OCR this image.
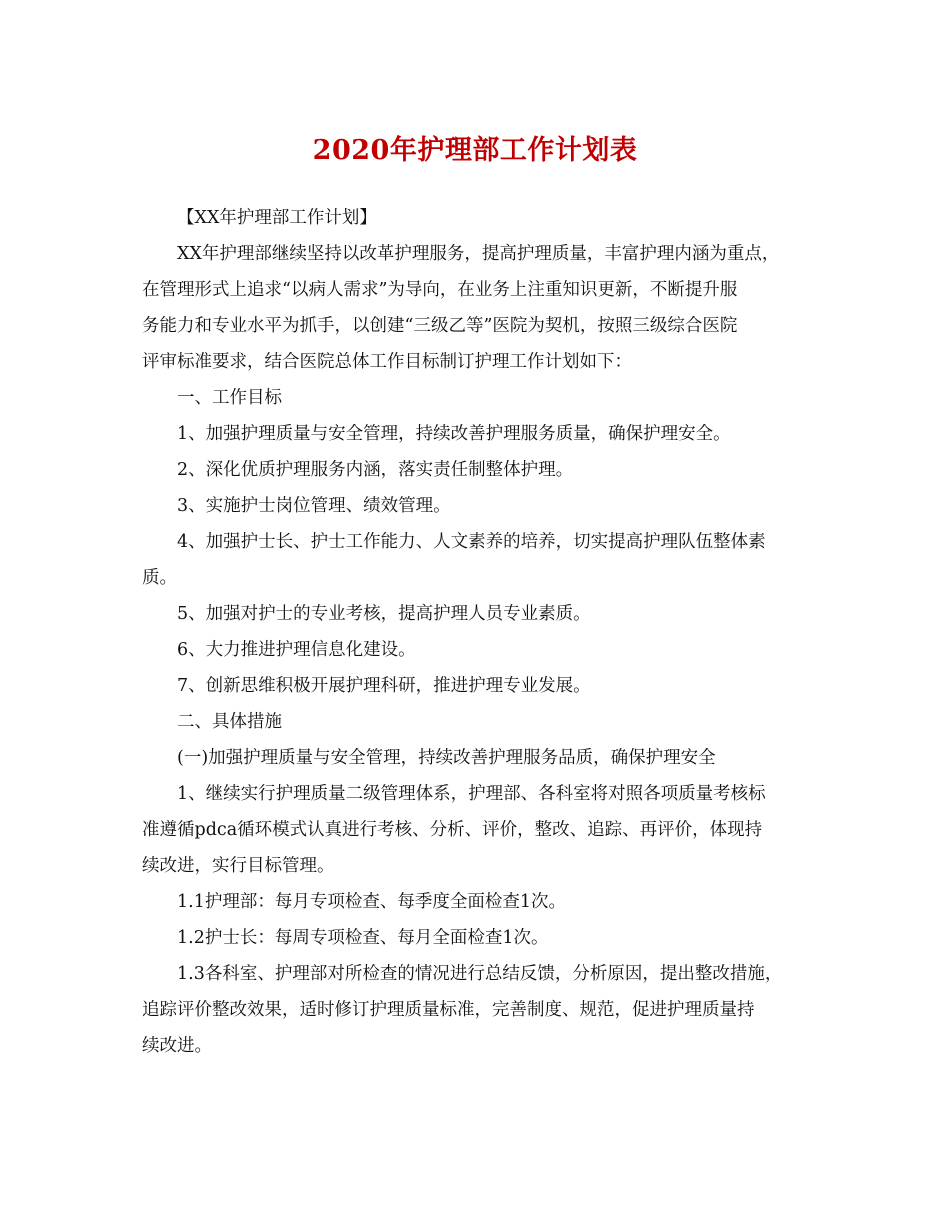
2020年护理部工作计划表

【XX年护理部工作计划】

XX年护理部继续坚持以改革护理服务，提高护理质量，丰富护理内涵为重点，
在管理形式上追求“以病人需求”为导向，在业务上注重知识更新，不断提升服
务能力和专业水平为抓手，以创建“三级乙等”医院为契机，按照三级综合医院
评审标准要求，结合医院总体工作目标制订护理工作计划如下：

一、工作目标

1、加强护理质量与安全管理，持续改善护理服务质量，确保护理安全。

2、深化优质护理服务内涵，落实责任制整体护理。

3、实施护士岗位管理、绩效管理。

4、加强护士长、护士工作能力、人文素养的培养，切实提高护理队伍整体素
质。

5、加强对护士的专业考核，提高护理人员专业素质。

6、大力推进护理信息化建设。

7、创新思维积极开展护理科研，推进护理专业发展。

二、具体措施

(一)加强护理质量与安全管理，持续改善护理服务品质，确保护理安全

1、继续实行护理质量二级管理体系，护理部、各科室将对照各项质量考核标
准遵循pdca循环模式认真进行考核、分析、评价，整改、追踪、再评价，体现持
续改进，实行目标管理。

1.1护理部：每月专项检查、每季度全面检查1次。

1.2护士长：每周专项检查、每月全面检查1次。

1.3各科室、护理部对所检查的情况进行总结反馈，分析原因，提出整改措施，
追踪评价整改效果，适时修订护理质量标准，完善制度、规范，促进护理质量持
续改进。
